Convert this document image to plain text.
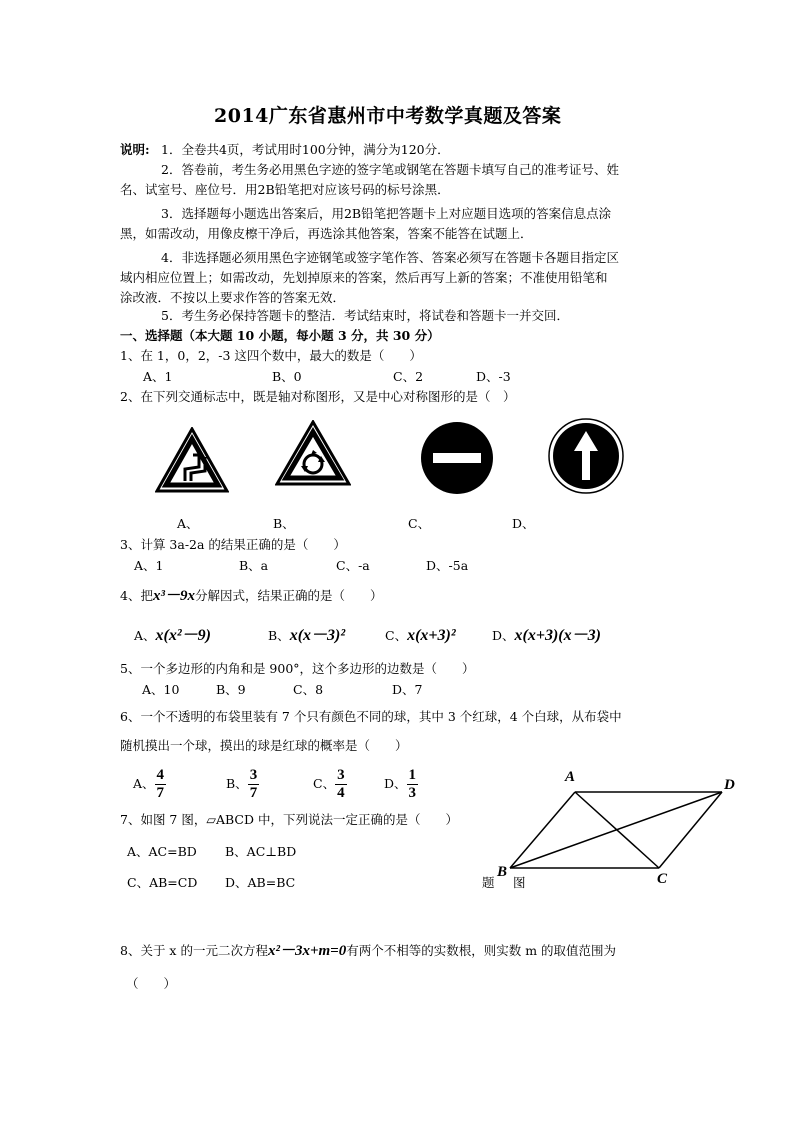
2014广东省惠州市中考数学真题及答案
说明: 1．全卷共4页，考试用时100分钟，满分为120分．
2．答卷前，考生务必用黑色字迹的签字笔或钢笔在答题卡填写自己的准考证号、姓
名、试室号、座位号．用2B铅笔把对应该号码的标号涂黑．
3．选择题每小题选出答案后，用2B铅笔把答题卡上对应题目选项的答案信息点涂
黑，如需改动，用像皮檫干净后，再选涂其他答案，答案不能答在试题上．
4．非选择题必须用黑色字迹钢笔或签字笔作答、答案必须写在答题卡各题目指定区
域内相应位置上；如需改动，先划掉原来的答案，然后再写上新的答案；不准使用铅笔和
涂改液．不按以上要求作答的答案无效．
5．考生务必保持答题卡的整洁．考试结束时，将试卷和答题卡一并交回．
一、选择题（本大题 10 小题，每小题 3 分，共 30 分）
1、在 1，0，2，-3 这四个数中，最大的数是（　　）
A、1	B、0	C、2	D、-3
2、在下列交通标志中，既是轴对称图形，又是中心对称图形的是（　）
A、	B、	C、	D、
3、计算 3a-2a 的结果正确的是（　　）
A、1	B、a	C、-a	D、-5a
4、把x³－9x分解因式，结果正确的是（　　）
A、x(x²－9)	B、x(x－3)²	C、x(x+3)²	D、x(x+3)(x－3)
5、一个多边形的内角和是 900°，这个多边形的边数是（　　）
A、10	B、9	C、8	D、7
6、一个不透明的布袋里装有 7 个只有颜色不同的球，其中 3 个红球，4 个白球，从布袋中
随机摸出一个球，摸出的球是红球的概率是（　　）
A、 $\frac{4}{7}$	B、 $\frac{3}{7}$	C、 $\frac{3}{4}$	D、 $\frac{1}{3}$
7、如图 7 图，▱ABCD 中，下列说法一定正确的是（　　）
A、AC=BD B、AC⊥BD
C、AB=CD D、AB=BC
A	D
B	C
题 图
8、关于 x 的一元二次方程x²－3x+m=0有两个不相等的实数根，则实数 m 的取值范围为
（　　）
